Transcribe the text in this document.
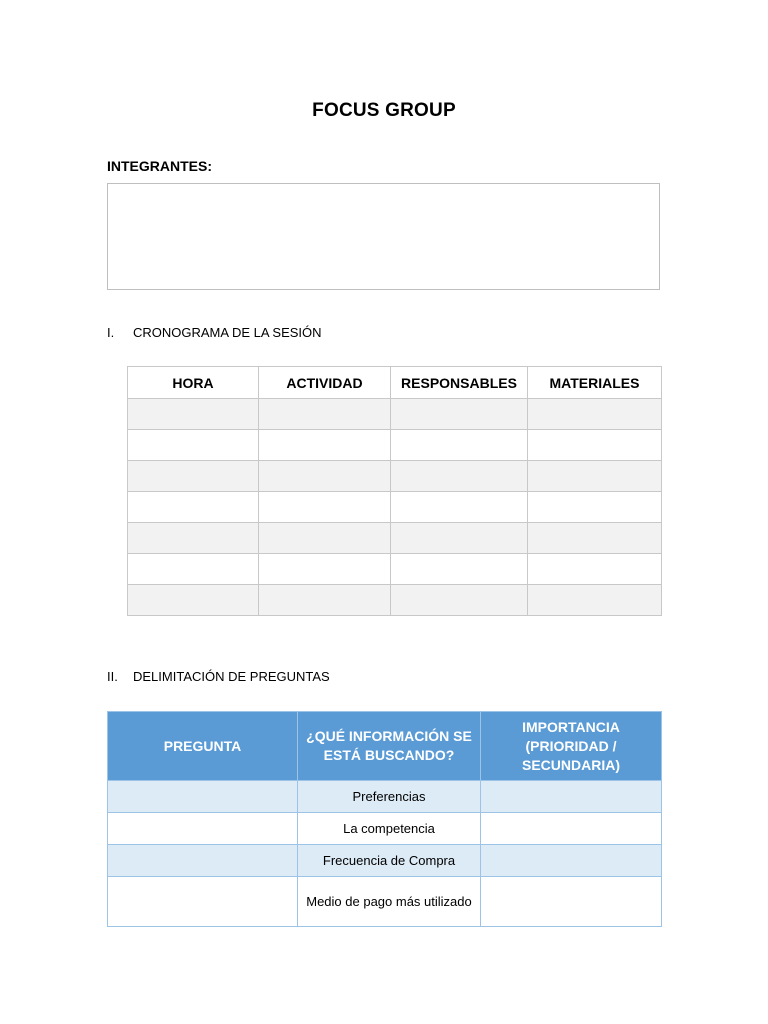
FOCUS GROUP
INTEGRANTES:
I.	CRONOGRAMA DE LA SESIÓN
HORA	ACTIVIDAD	RESPONSABLES	MATERIALES

II.	DELIMITACIÓN DE PREGUNTAS
PREGUNTA	¿QUÉ INFORMACIÓN SE ESTÁ BUSCANDO?	IMPORTANCIA (PRIORIDAD / SECUNDARIA)
	Preferencias	
	La competencia	
	Frecuencia de Compra	
	Medio de pago más utilizado	
